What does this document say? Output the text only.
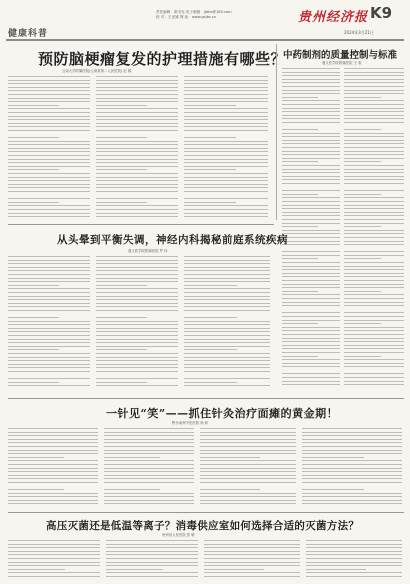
健康科普
责任编辑：陈书光 电子邮箱：jjbkx@163.com
校 对：王世斌 网 址：www.gzjbs.cn	贵州经济报 K9
2024年3月21日
预防脑梗瘤复发的护理措施有哪些？
云南大学附属医院(云南省第二人民医院) 赵 娟
中药制剂的质量控制与标准
遵义医学院附属医院 王 欢
从头晕到平衡失调，神经内科揭秘前庭系统疾病
遵义医学院附属医院 罗 伟
一针见“笑”——抓住针灸治疗面瘫的黄金期！
黔东南州中医医院 杨 莉
高压灭菌还是低温等离子？消毒供应室如何选择合适的灭菌方法？
贵州省人民医院 张 敏
